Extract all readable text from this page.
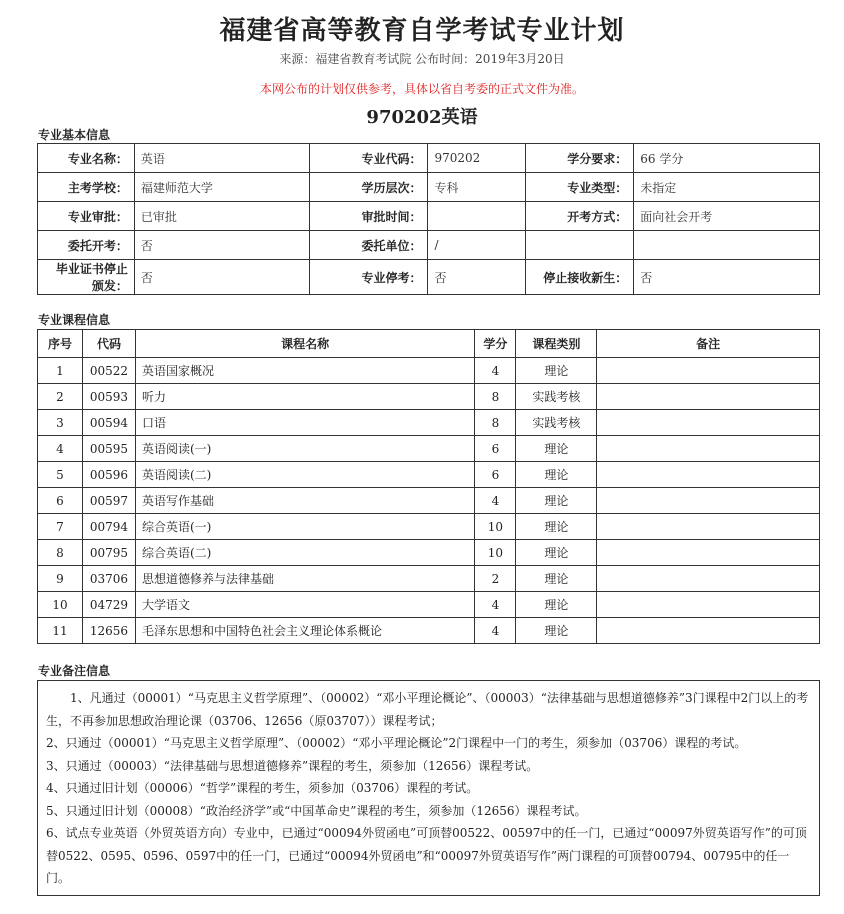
福建省高等教育自学考试专业计划
来源：福建省教育考试院 公布时间：2019年3月20日
本网公布的计划仅供参考，具体以省自考委的正式文件为准。
970202英语
专业基本信息
专业名称：	英语	专业代码：	970202	学分要求：	66 学分
主考学校：	福建师范大学	学历层次：	专科	专业类型：	未指定
专业审批：	已审批	审批时间：		开考方式：	面向社会开考
委托开考：	否	委托单位：	/		
毕业证书停止颁发：	否	专业停考：	否	停止接收新生：	否
专业课程信息
序号	代码	课程名称	学分	课程类别	备注
1	00522	英语国家概况	4	理论	
2	00593	听力	8	实践考核	
3	00594	口语	8	实践考核	
4	00595	英语阅读(一)	6	理论	
5	00596	英语阅读(二)	6	理论	
6	00597	英语写作基础	4	理论	
7	00794	综合英语(一)	10	理论	
8	00795	综合英语(二)	10	理论	
9	03706	思想道德修养与法律基础	2	理论	
10	04729	大学语文	4	理论	
11	12656	毛泽东思想和中国特色社会主义理论体系概论	4	理论	
专业备注信息

1、凡通过（00001）“马克思主义哲学原理”、（00002）“邓小平理论概论”、（00003）“法律基础与思想道德修养”3门课程中2门以上的考生，不再参加思想政治理论课（03706、12656（原03707））课程考试；

2、只通过（00001）“马克思主义哲学原理”、（00002）“邓小平理论概论”2门课程中一门的考生，须参加（03706）课程的考试。

3、只通过（00003）“法律基础与思想道德修养”课程的考生，须参加（12656）课程考试。

4、只通过旧计划（00006）“哲学”课程的考生，须参加（03706）课程的考试。

5、只通过旧计划（00008）“政治经济学”或“中国革命史”课程的考生，须参加（12656）课程考试。

6、试点专业英语（外贸英语方向）专业中，已通过“00094外贸函电”可顶替00522、00597中的任一门，已通过“00097外贸英语写作”的可顶替0522、0595、0596、0597中的任一门，已通过“00094外贸函电”和“00097外贸英语写作”两门课程的可顶替00794、00795中的任一门。
